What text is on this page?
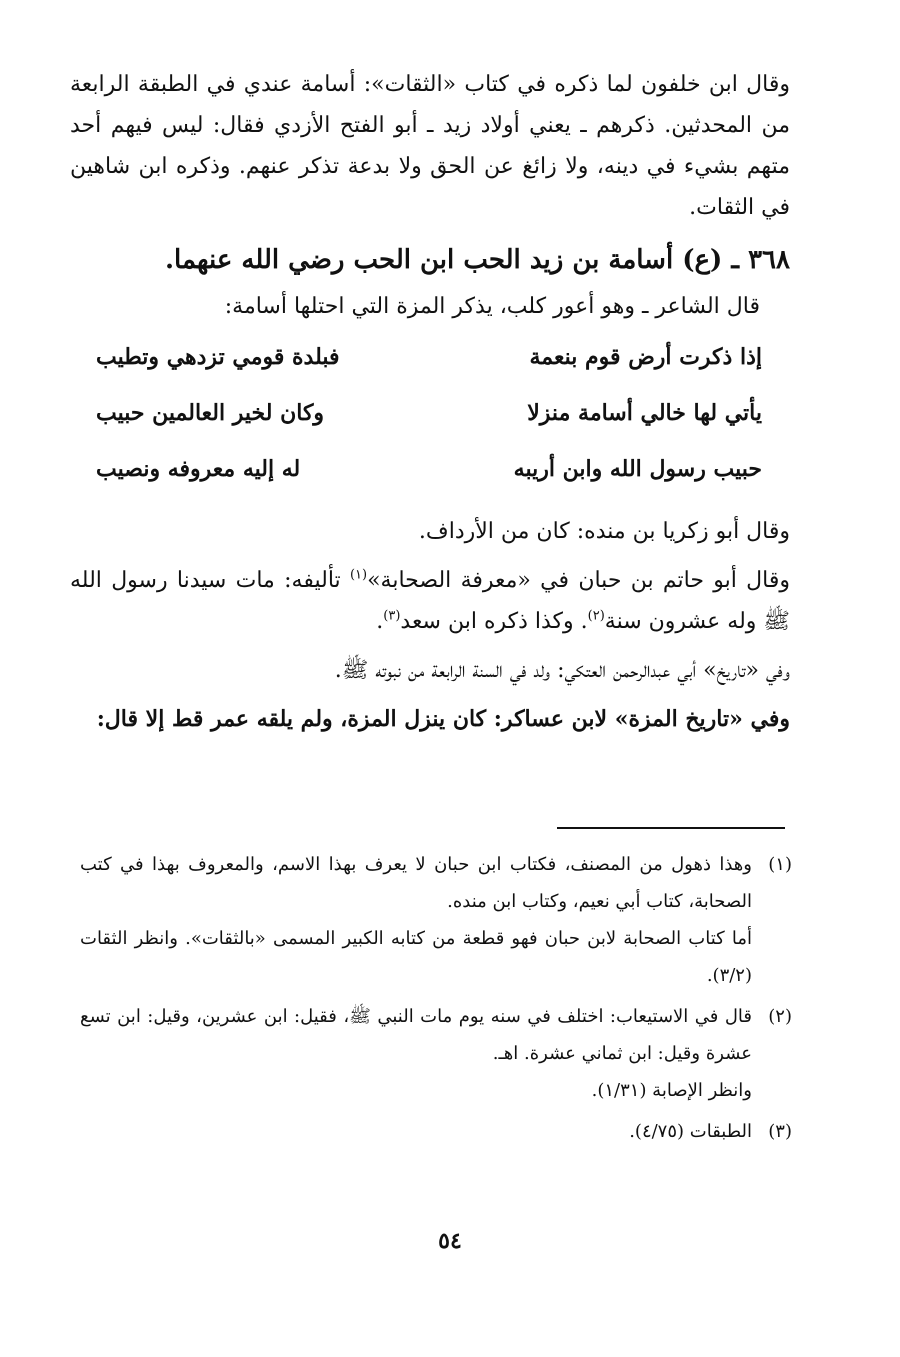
وقال ابن خلفون لما ذكره في كتاب «الثقات»: أسامة عندي في الطبقة الرابعة من المحدثين. ذكرهم ـ يعني أولاد زيد ـ أبو الفتح الأزدي فقال: ليس فيهم أحد متهم بشيء في دينه، ولا زائغ عن الحق ولا بدعة تذكر عنهم. وذكره ابن شاهين في الثقات.

٣٦٨ ـ (ع) أسامة بن زيد الحب ابن الحب رضي الله عنهما.

قال الشاعر ـ وهو أعور كلب، يذكر المزة التي احتلها أسامة:

إذا ذكرت أرض قوم بنعمة	فبلدة قومي تزدهي وتطيب
يأتي لها خالي أسامة منزلا	وكان لخير العالمين حبيب
حبيب رسول الله وابن أريبه	له إليه معروفه ونصيب

وقال أبو زكريا بن منده: كان من الأرداف.

وقال أبو حاتم بن حبان في «معرفة الصحابة»$^{(١)}$ تأليفه: مات سيدنا رسول الله ﷺ وله عشرون سنة$^{(٢)}$. وكذا ذكره ابن سعد$^{(٣)}$.

وفي «تاريخ» أبي عبدالرحمن العتكي: ولد في السنة الرابعة من نبوته ﷺ.

وفي «تاريخ المزة» لابن عساكر: كان ينزل المزة، ولم يلقه عمر قط إلا قال:

(١)

وهذا ذهول من المصنف، فكتاب ابن حبان لا يعرف بهذا الاسم، والمعروف بهذا في كتب الصحابة، كتاب أبي نعيم، وكتاب ابن منده.

أما كتاب الصحابة لابن حبان فهو قطعة من كتابه الكبير المسمى «بالثقات». وانظر الثقات (٣/٢).

(٢)

قال في الاستيعاب: اختلف في سنه يوم مات النبي ﷺ، فقيل: ابن عشرين، وقيل: ابن تسع عشرة وقيل: ابن ثماني عشرة. اهـ.

وانظر الإصابة (١/٣١).

(٣)

الطبقات (٤/٧٥).

٥٤
